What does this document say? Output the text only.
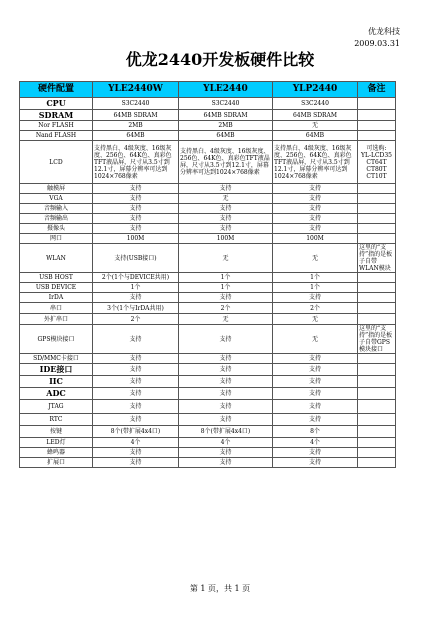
优龙科技
2009.03.31
优龙2440开发板硬件比较
硬件配置	YLE2440W	YLE2440	YLP2440	备注
CPU	S3C2440	S3C2440	S3C2440	
SDRAM	64MB SDRAM	64MB SDRAM	64MB SDRAM	
Nor FLASH	2MB	2MB	无	
Nand FLASH	64MB	64MB	64MB	
LCD	支持黑白、4级灰度、16级灰度、256色、64K色、真彩色TFT液晶屏，尺寸从3.5寸到12.1寸，屏幕分辨率可达到1024×768像素	支持黑白、4级灰度、16级灰度、256色、64K色、真彩色TFT液晶屏，尺寸从3.5寸到12.1寸，屏幕分辨率可达到1024×768像素	支持黑白、4级灰度、16级灰度、256色、64K色、真彩色TFT液晶屏，尺寸从3.5寸到12.1寸，屏幕分辨率可达到1024×768像素	可选购:
YL-LCD35
CT64T
CT80T
CT10T

触摸屏	支持	支持	支持	
VGA	支持	无	支持	
音频输入	支持	支持	支持	
音频输出	支持	支持	支持	
摄像头	支持	支持	支持	
网口	100M	100M	100M	
WLAN	支持(USB接口)	无	无	这里的“支持”指的是板子自带WLAN模块
USB HOST	2个(1个与DEVICE共用)	1个	1个	
USB DEVICE	1个	1个	1个	
IrDA	支持	支持	支持	
串口	3个(1个与IrDA共用)	2个	2个	
外扩串口	2个	无	无	
GPS模块接口	支持	支持	无	这里的“支持”指的是板子自带GPS模块接口
SD/MMC卡接口	支持	支持	支持	
IDE接口	支持	支持	支持	
IIC	支持	支持	支持	
ADC	支持	支持	支持	
JTAG	支持	支持	支持	
RTC	支持	支持	支持	
按键	8个(带扩展4x4口)	8个(带扩展4x4口)	8个	
LED灯	4个	4个	4个	
蜂鸣器	支持	支持	支持	
扩展口	支持	支持	支持	
第 1 页，共 1 页
